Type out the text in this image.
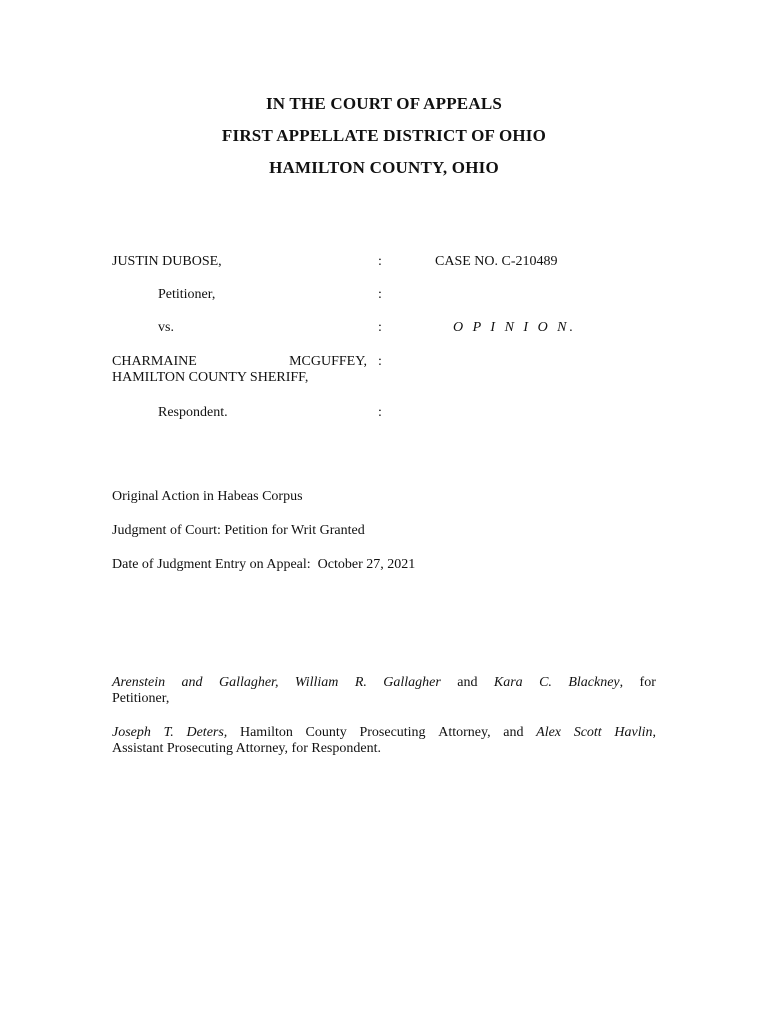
IN THE COURT OF APPEALS
FIRST APPELLATE DISTRICT OF OHIO
HAMILTON COUNTY, OHIO
JUSTIN DUBOSE,
Petitioner,
vs.
CHARMAINE	MCGUFFEY,
HAMILTON COUNTY SHERIFF,
Respondent.
:
:
:
:
:
CASE NO. C-210489
O P I N I O N.
Original Action in Habeas Corpus
Judgment of Court: Petition for Writ Granted
Date of Judgment Entry on Appeal:  October 27, 2021
Arenstein and Gallagher, William R. Gallagher and Kara C. Blackney, for
Petitioner,
Joseph T. Deters, Hamilton County Prosecuting Attorney, and Alex Scott Havlin,
Assistant Prosecuting Attorney, for Respondent.
